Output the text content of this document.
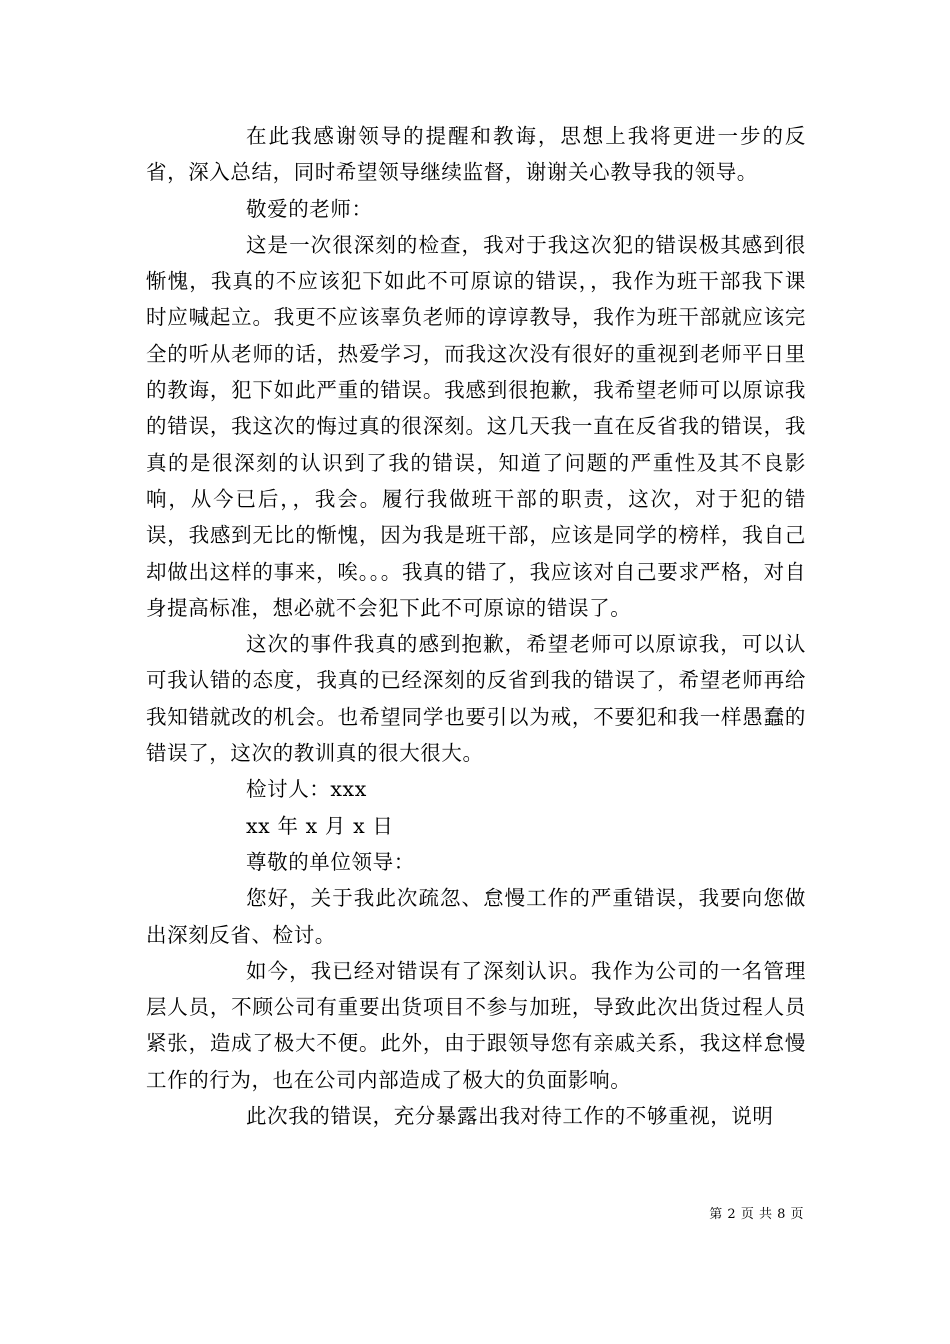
在此我感谢领导的提醒和教诲，思想上我将更进一步的反省，深入总结，同时希望领导继续监督，谢谢关心教导我的领导。

敬爱的老师：

这是一次很深刻的检查，我对于我这次犯的错误极其感到很惭愧，我真的不应该犯下如此不可原谅的错误，，我作为班干部我下课时应喊起立。我更不应该辜负老师的谆谆教导，我作为班干部就应该完全的听从老师的话，热爱学习，而我这次没有很好的重视到老师平日里的教诲，犯下如此严重的错误。我感到很抱歉，我希望老师可以原谅我的错误，我这次的悔过真的很深刻。这几天我一直在反省我的错误，我真的是很深刻的认识到了我的错误，知道了问题的严重性及其不良影响，从今已后，，我会。履行我做班干部的职责，这次，对于犯的错误，我感到无比的惭愧，因为我是班干部，应该是同学的榜样，我自己却做出这样的事来，唉。。。我真的错了，我应该对自己要求严格，对自身提高标准，想必就不会犯下此不可原谅的错误了。

这次的事件我真的感到抱歉，希望老师可以原谅我，可以认可我认错的态度，我真的已经深刻的反省到我的错误了，希望老师再给我知错就改的机会。也希望同学也要引以为戒，不要犯和我一样愚蠢的错误了，这次的教训真的很大很大。

检讨人：xxx

xx 年 x 月 x 日

尊敬的单位领导：

您好，关于我此次疏忽、怠慢工作的严重错误，我要向您做出深刻反省、检讨。

如今，我已经对错误有了深刻认识。我作为公司的一名管理层人员，不顾公司有重要出货项目不参与加班，导致此次出货过程人员紧张，造成了极大不便。此外，由于跟领导您有亲戚关系，我这样怠慢工作的行为，也在公司内部造成了极大的负面影响。

此次我的错误，充分暴露出我对待工作的不够重视，说明

第 2 页 共 8 页
